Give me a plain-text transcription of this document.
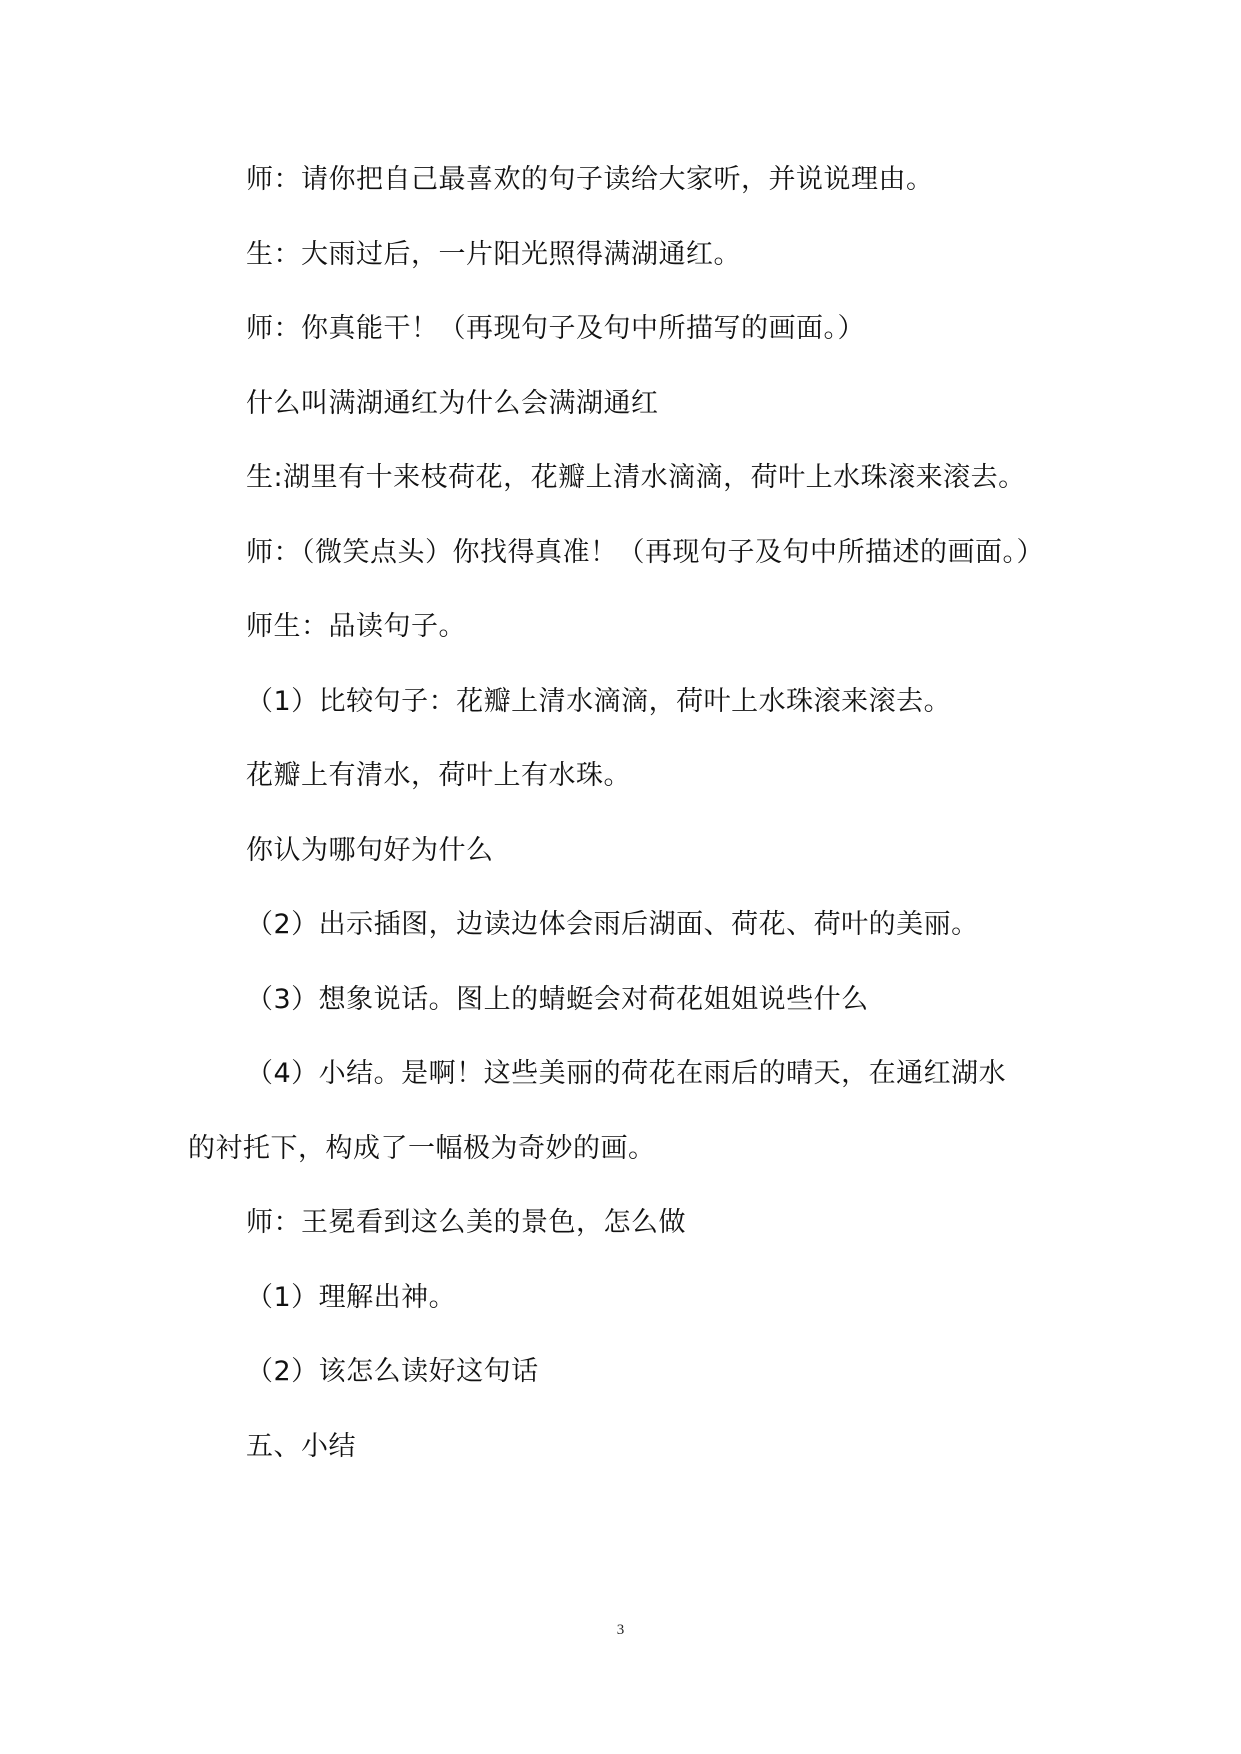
师：请你把自己最喜欢的句子读给大家听，并说说理由。
生：大雨过后，一片阳光照得满湖通红。
师：你真能干！（再现句子及句中所描写的画面。）
什么叫满湖通红为什么会满湖通红
生:湖里有十来枝荷花，花瓣上清水滴滴，荷叶上水珠滚来滚去。
师：（微笑点头）你找得真准！（再现句子及句中所描述的画面。）
师生：品读句子。
（1）比较句子：花瓣上清水滴滴，荷叶上水珠滚来滚去。
花瓣上有清水，荷叶上有水珠。
你认为哪句好为什么
（2）出示插图，边读边体会雨后湖面、荷花、荷叶的美丽。
（3）想象说话。图上的蜻蜓会对荷花姐姐说些什么
（4）小结。是啊！这些美丽的荷花在雨后的晴天，在通红湖水
的衬托下，构成了一幅极为奇妙的画。
师：王冕看到这么美的景色，怎么做
（1）理解出神。
（2）该怎么读好这句话
五、小结
3
